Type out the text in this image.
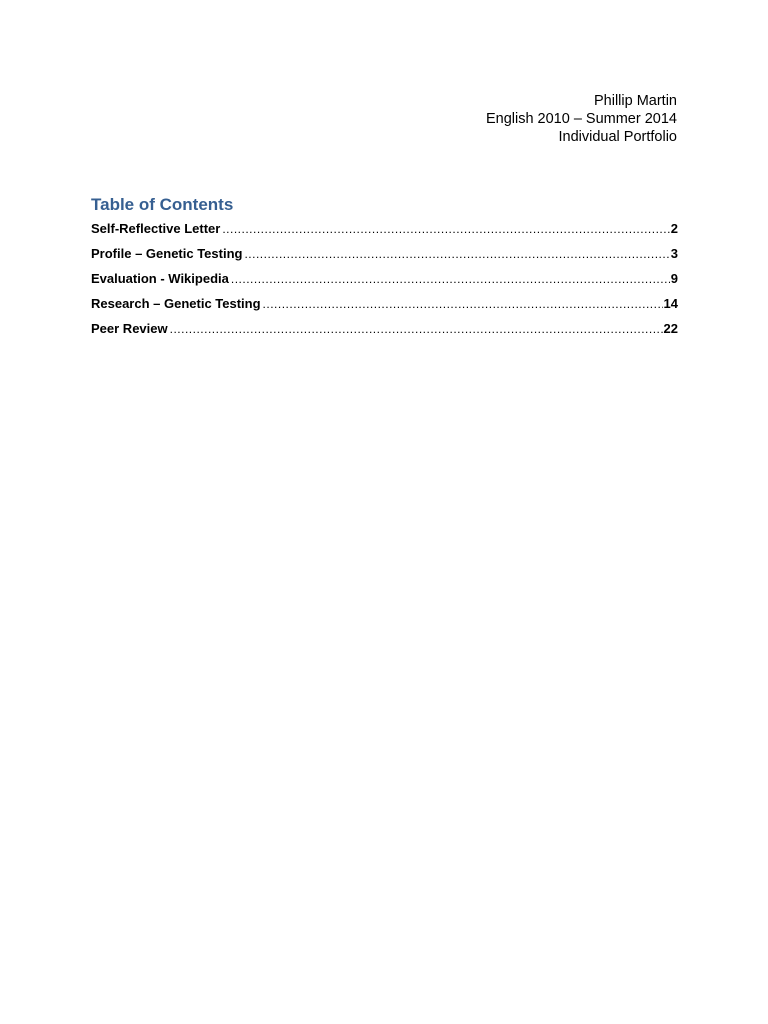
Phillip Martin
English 2010 – Summer 2014
Individual Portfolio
Table of Contents
Self-Reflective Letter .....	2
Profile – Genetic Testing .....	3
Evaluation - Wikipedia .....	9
Research – Genetic Testing .....	14
Peer Review .....	22
